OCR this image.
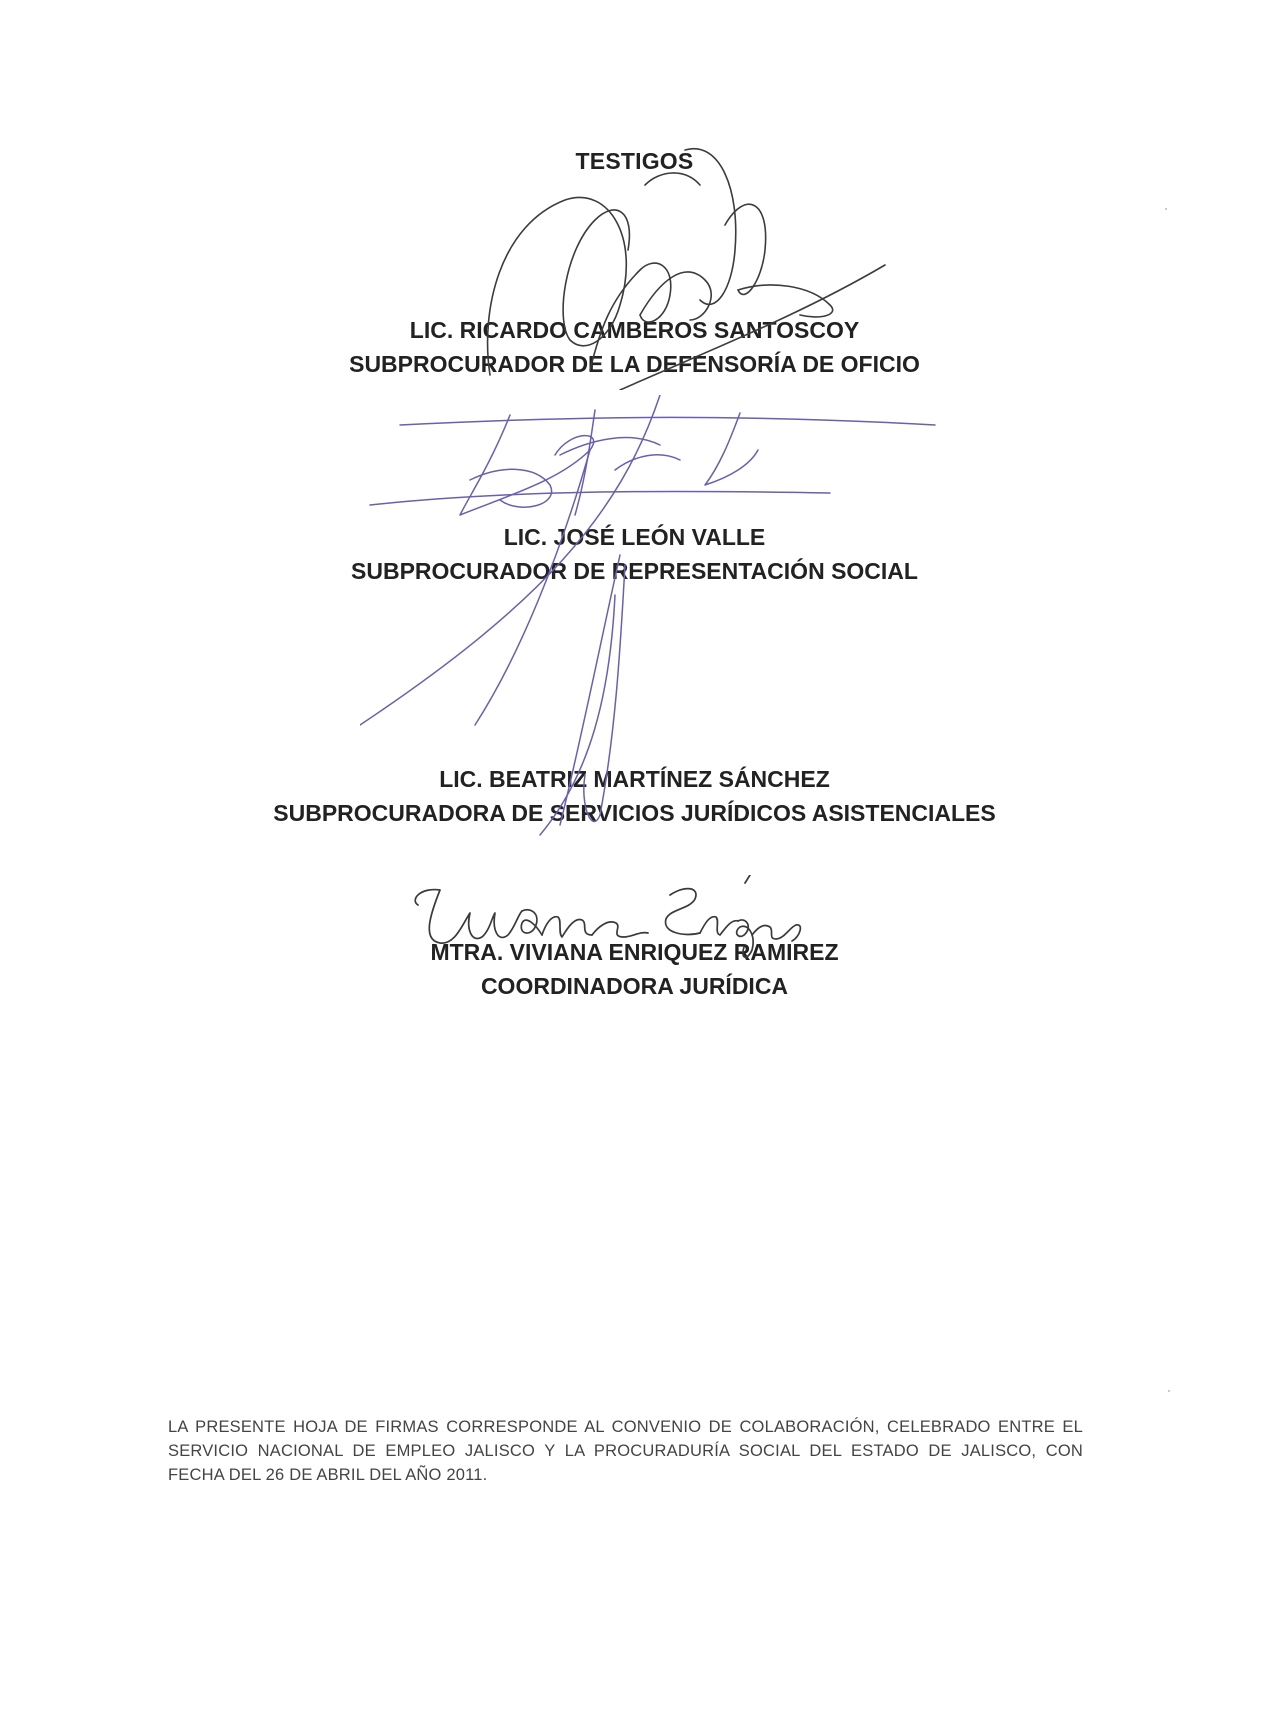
TESTIGOS
LIC. RICARDO CAMBEROS SANTOSCOY
SUBPROCURADOR DE LA DEFENSORÍA DE OFICIO
LIC. JOSÉ LEÓN VALLE
SUBPROCURADOR DE REPRESENTACIÓN SOCIAL
LIC. BEATRIZ MARTÍNEZ SÁNCHEZ
SUBPROCURADORA DE SERVICIOS JURÍDICOS ASISTENCIALES
MTRA. VIVIANA ENRIQUEZ RAMIREZ
COORDINADORA JURÍDICA
LA PRESENTE HOJA DE FIRMAS CORRESPONDE AL CONVENIO DE COLABORACIÓN, CELEBRADO ENTRE EL SERVICIO NACIONAL DE EMPLEO JALISCO Y LA PROCURADURÍA SOCIAL DEL ESTADO DE JALISCO, CON FECHA DEL 26 DE ABRIL DEL AÑO 2011.
